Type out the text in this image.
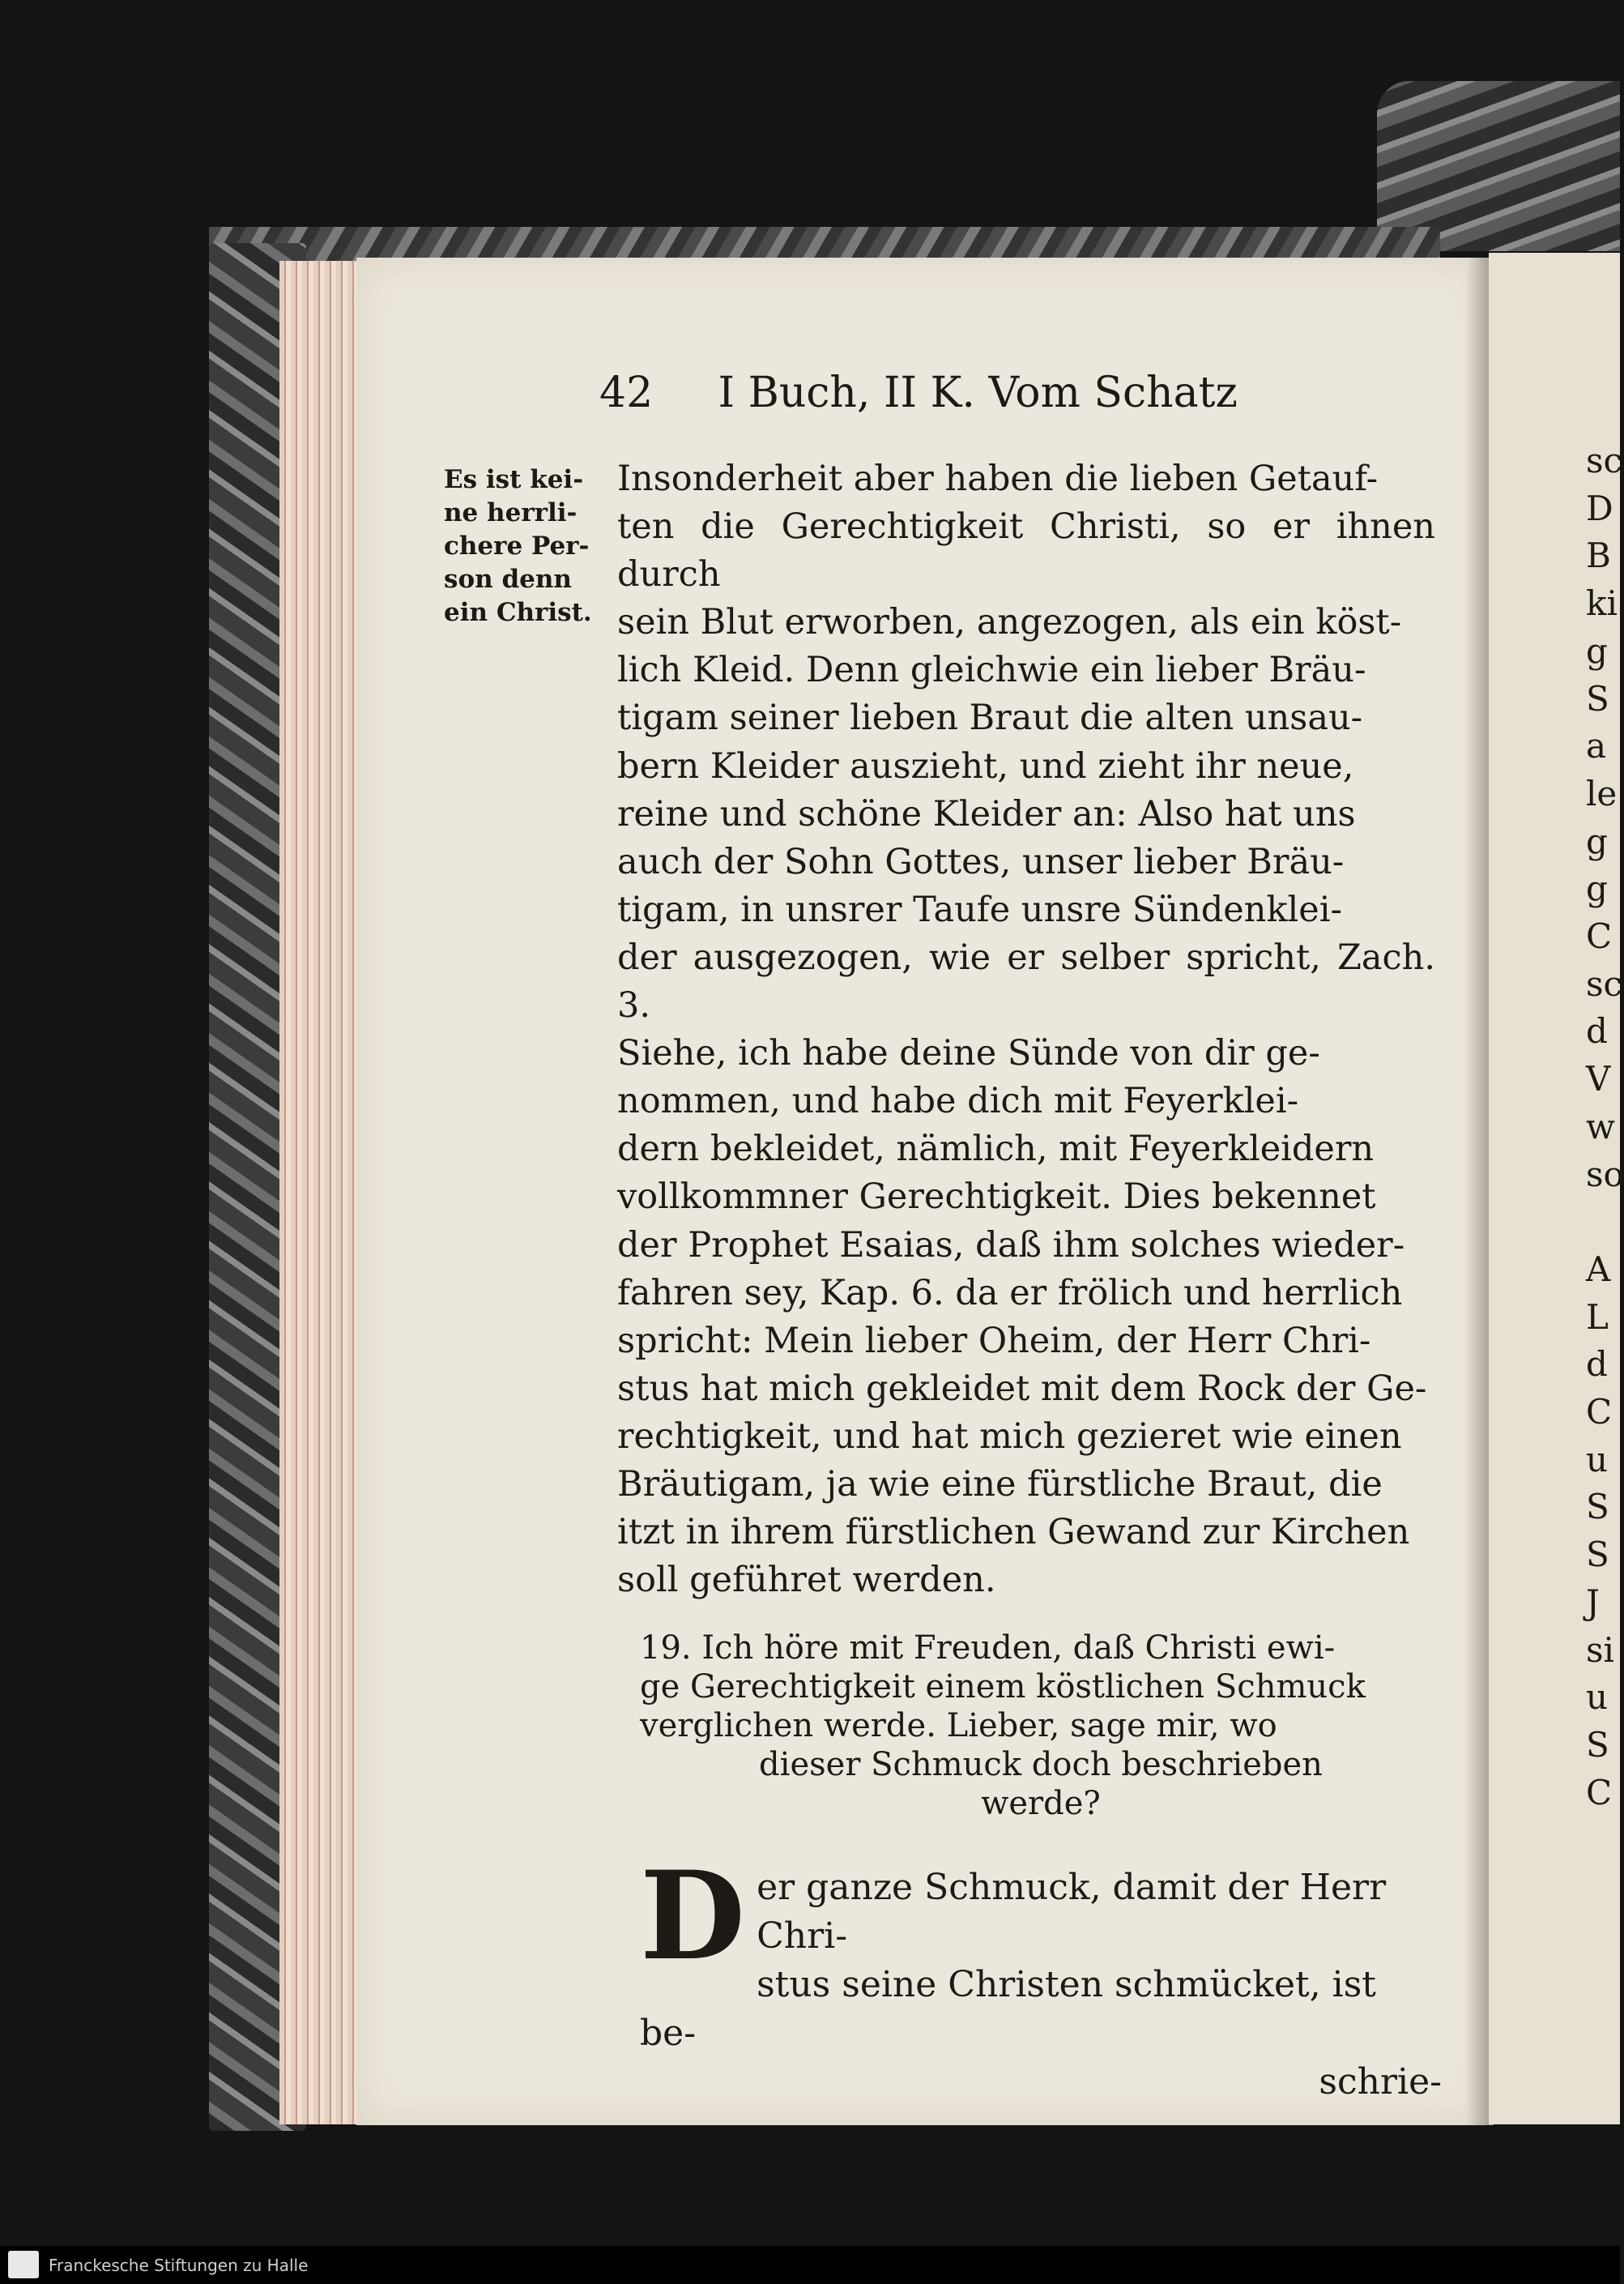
42 I Buch, II K. Vom Schatz
Es ist kei-
ne herrli-
chere Per-
son denn
ein Christ.
Insonderheit aber haben die lieben Getauf-
ten die Gerechtigkeit Christi, so er ihnen durch
sein Blut erworben, angezogen, als ein köst-
lich Kleid. Denn gleichwie ein lieber Bräu-
tigam seiner lieben Braut die alten unsau-
bern Kleider auszieht, und zieht ihr neue,
reine und schöne Kleider an: Also hat uns
auch der Sohn Gottes, unser lieber Bräu-
tigam, in unsrer Taufe unsre Sündenklei-
der ausgezogen, wie er selber spricht, Zach. 3.
Siehe, ich habe deine Sünde von dir ge-
nommen, und habe dich mit Feyerklei-
dern bekleidet, nämlich, mit Feyerkleidern
vollkommner Gerechtigkeit. Dies bekennet
der Prophet Esaias, daß ihm solches wieder-
fahren sey, Kap. 6. da er frölich und herrlich
spricht: Mein lieber Oheim, der Herr Chri-
stus hat mich gekleidet mit dem Rock der Ge-
rechtigkeit, und hat mich gezieret wie einen
Bräutigam, ja wie eine fürstliche Braut, die
itzt in ihrem fürstlichen Gewand zur Kirchen
soll geführet werden.
19. Ich höre mit Freuden, daß Christi ewi-
ge Gerechtigkeit einem köstlichen Schmuck
verglichen werde. Lieber, sage mir, wo
dieser Schmuck doch beschrieben
werde?
D er ganze Schmuck, damit der Herr Chri-
stus seine Christen schmücket, ist be-
schrie-
sc
D
B
ki
g
S
a
le
g
g
C
sc
d
V
w
so

A
L
d
C
u
S
S
J
si
u
S
C
Franckesche Stiftungen zu Halle
